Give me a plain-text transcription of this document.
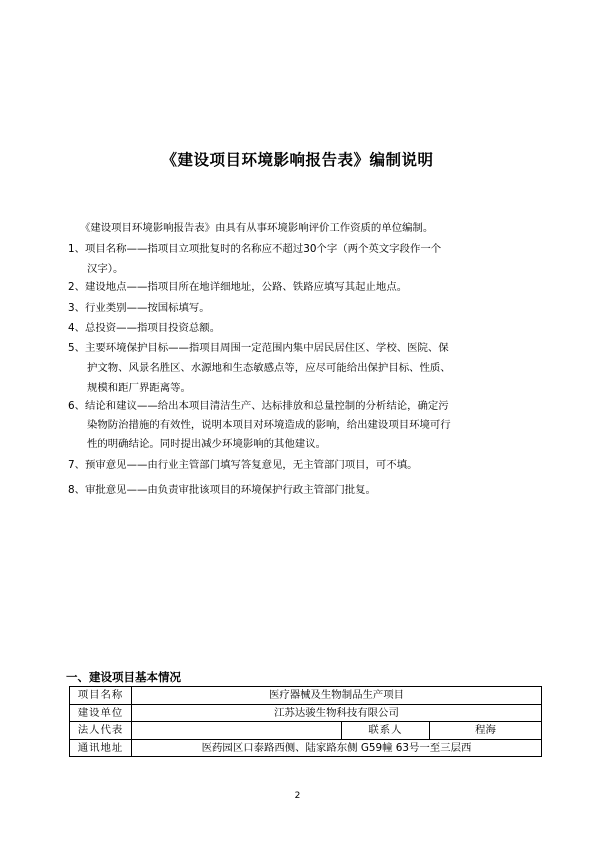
《建设项目环境影响报告表》编制说明
《建设项目环境影响报告表》由具有从事环境影响评价工作资质的单位编制。
1、项目名称——指项目立项批复时的名称应不超过30个字（两个英文字段作一个
汉字）。
2、建设地点——指项目所在地详细地址，公路、铁路应填写其起止地点。
3、行业类别——按国标填写。
4、总投资——指项目投资总额。
5、主要环境保护目标——指项目周围一定范围内集中居民居住区、学校、医院、保
护文物、风景名胜区、水源地和生态敏感点等，应尽可能给出保护目标、性质、
规模和距厂界距离等。
6、结论和建议——给出本项目清洁生产、达标排放和总量控制的分析结论，确定污
染物防治措施的有效性，说明本项目对环境造成的影响，给出建设项目环境可行
性的明确结论。同时提出减少环境影响的其他建议。
7、预审意见——由行业主管部门填写答复意见，无主管部门项目，可不填。
8、审批意见——由负责审批该项目的环境保护行政主管部门批复。
一、建设项目基本情况
项目名称	医疗器械及生物制品生产项目		
建设单位	江苏达骏生物科技有限公司		
法人代表		联系人	程海
通讯地址	医药园区口泰路西侧、陆家路东侧 G59幢 63号一至三层西		
2
